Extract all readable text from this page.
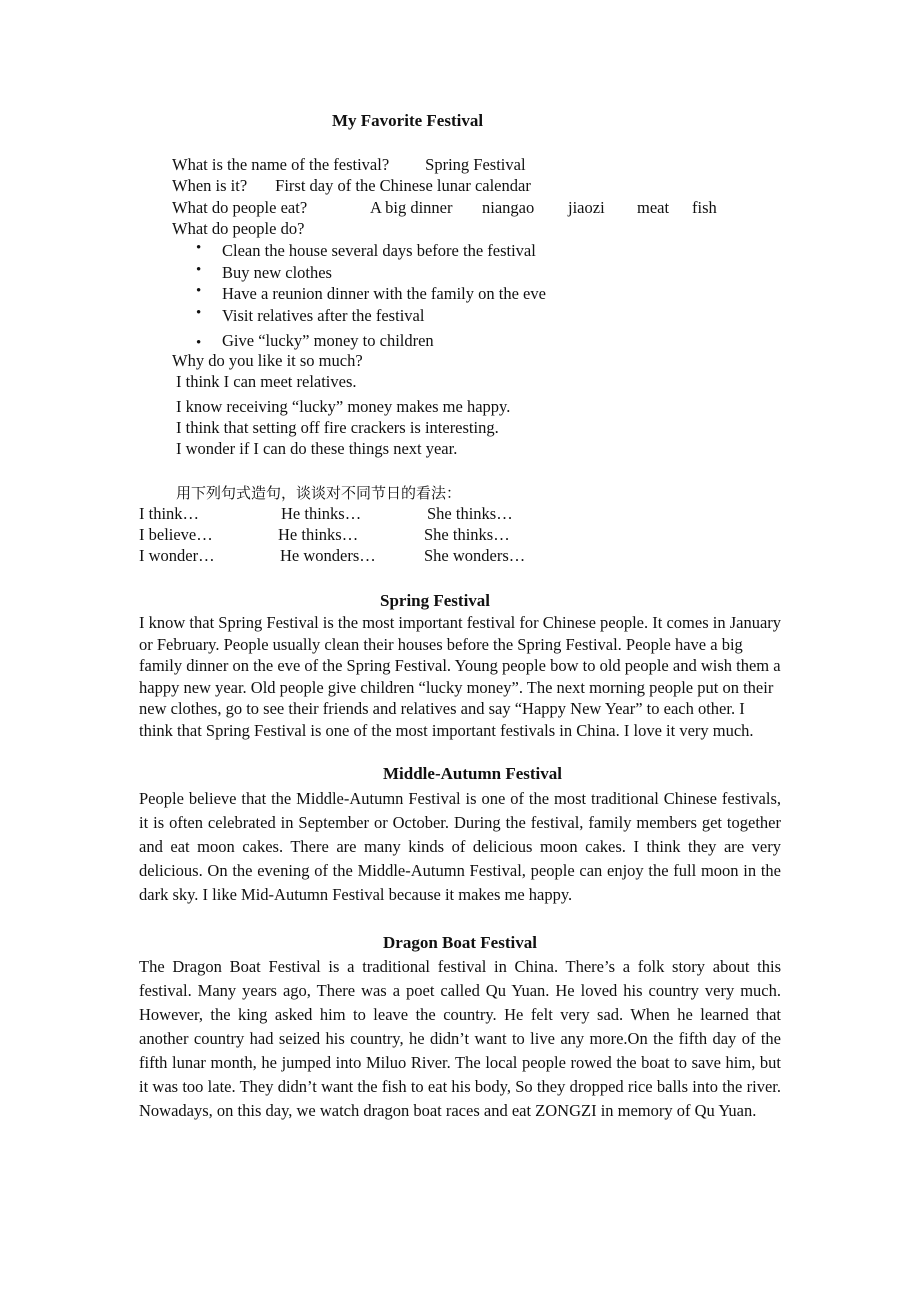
My Favorite Festival
What is the name of the festival? Spring Festival
When is it? First day of the Chinese lunar calendar
What do people eat?	A big dinner niangao jiaozi meat fish
What do people do?
• Clean the house several days before the festival
• Buy new clothes
• Have a reunion dinner with the family on the eve
• Visit relatives after the festival
• Give “lucky” money to children
Why do you like it so much?
I think I can meet relatives.
I know receiving “lucky” money makes me happy.
I think that setting off fire crackers is interesting.
I wonder if I can do these things next year.
用下列句式造句，谈谈对不同节日的看法：
I think…	He thinks…	She thinks…
I believe…	He thinks…	She thinks…
I wonder…	He wonders…	She wonders…
Spring Festival
I know that Spring Festival is the most important festival for Chinese people. It comes in January or February. People usually clean their houses before the Spring Festival. People have a big family dinner on the eve of the Spring Festival. Young people bow to old people and wish them a happy new year. Old people give children “lucky money”. The next morning people put on their new clothes, go to see their friends and relatives and say “Happy New Year” to each other. I think that Spring Festival is one of the most important festivals in China. I love it very much.
Middle-Autumn Festival
People believe that the Middle-Autumn Festival is one of the most traditional Chinese festivals, it is often celebrated in September or October. During the festival, family members get together and eat moon cakes. There are many kinds of delicious moon cakes. I think they are very delicious. On the evening of the Middle-Autumn Festival, people can enjoy the full moon in the dark sky. I like Mid-Autumn Festival because it makes me happy.
Dragon Boat Festival
The Dragon Boat Festival is a traditional festival in China. There’s a folk story about this festival. Many years ago, There was a poet called Qu Yuan. He loved his country very much. However, the king asked him to leave the country. He felt very sad. When he learned that another country had seized his country, he didn’t want to live any more.On the fifth day of the fifth lunar month, he jumped into Miluo River. The local people rowed the boat to save him, but it was too late. They didn’t want the fish to eat his body, So they dropped rice balls into the river. Nowadays, on this day, we watch dragon boat races and eat ZONGZI in memory of Qu Yuan.
